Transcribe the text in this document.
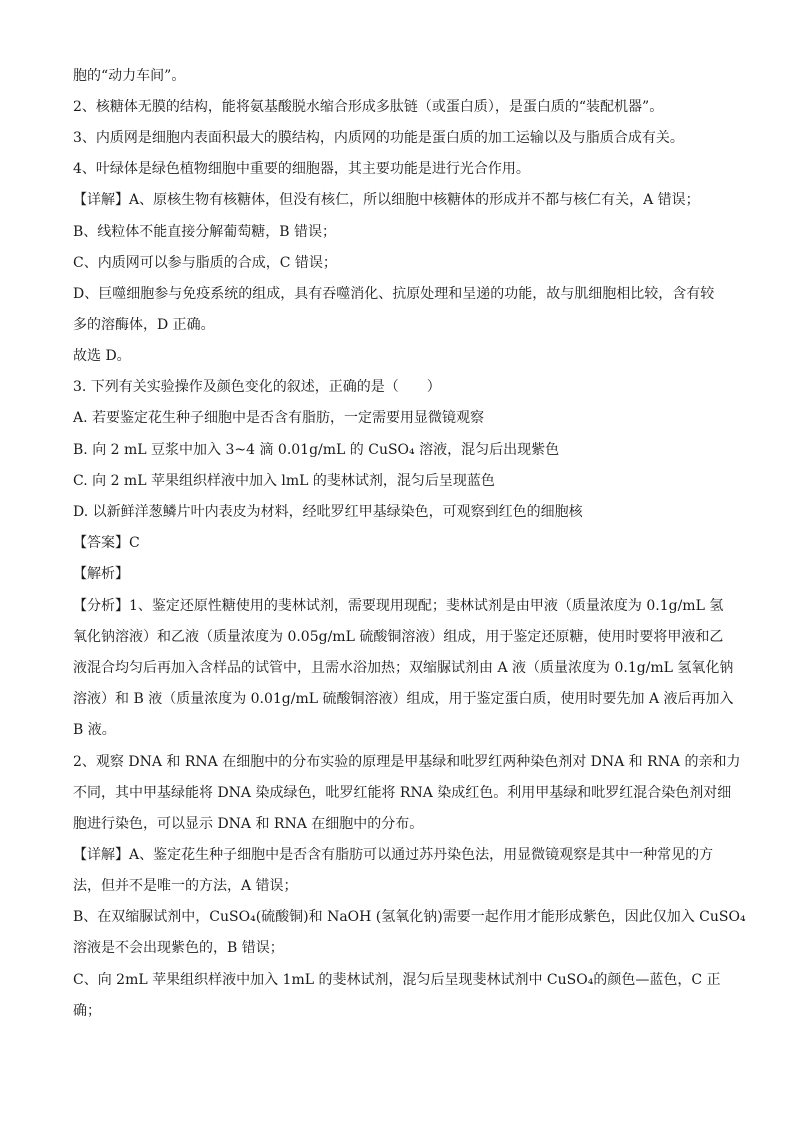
胞的“动力车间”。
2、核糖体无膜的结构，能将氨基酸脱水缩合形成多肽链（或蛋白质），是蛋白质的“装配机器”。
3、内质网是细胞内表面积最大的膜结构，内质网的功能是蛋白质的加工运输以及与脂质合成有关。
4、叶绿体是绿色植物细胞中重要的细胞器，其主要功能是进行光合作用。
【详解】A、原核生物有核糖体，但没有核仁，所以细胞中核糖体的形成并不都与核仁有关，A 错误；
B、线粒体不能直接分解葡萄糖，B 错误；
C、内质网可以参与脂质的合成，C 错误；
D、巨噬细胞参与免疫系统的组成，具有吞噬消化、抗原处理和呈递的功能，故与肌细胞相比较，含有较
多的溶酶体，D 正确。
故选 D。
3. 下列有关实验操作及颜色变化的叙述，正确的是（　　）
A. 若要鉴定花生种子细胞中是否含有脂肪，一定需要用显微镜观察
B. 向 2 mL 豆浆中加入 3~4 滴 0.01g/mL 的 CuSO₄ 溶液，混匀后出现紫色
C. 向 2 mL 苹果组织样液中加入 lmL 的斐林试剂，混匀后呈现蓝色
D. 以新鲜洋葱鳞片叶内表皮为材料，经吡罗红甲基绿染色，可观察到红色的细胞核
【答案】C
【解析】
【分析】1、鉴定还原性糖使用的斐林试剂，需要现用现配；斐林试剂是由甲液（质量浓度为 0.1g/mL 氢
氧化钠溶液）和乙液（质量浓度为 0.05g/mL 硫酸铜溶液）组成，用于鉴定还原糖，使用时要将甲液和乙
液混合均匀后再加入含样品的试管中，且需水浴加热；双缩脲试剂由 A 液（质量浓度为 0.1g/mL 氢氧化钠
溶液）和 B 液（质量浓度为 0.01g/mL 硫酸铜溶液）组成，用于鉴定蛋白质，使用时要先加 A 液后再加入
B 液。
2、观察 DNA 和 RNA 在细胞中的分布实验的原理是甲基绿和吡罗红两种染色剂对 DNA 和 RNA 的亲和力
不同，其中甲基绿能将 DNA 染成绿色，吡罗红能将 RNA 染成红色。利用甲基绿和吡罗红混合染色剂对细
胞进行染色，可以显示 DNA 和 RNA 在细胞中的分布。
【详解】A、鉴定花生种子细胞中是否含有脂肪可以通过苏丹染色法，用显微镜观察是其中一种常见的方
法，但并不是唯一的方法，A 错误；
B、在双缩脲试剂中，CuSO₄(硫酸铜)和 NaOH (氢氧化钠)需要一起作用才能形成紫色，因此仅加入 CuSO₄
溶液是不会出现紫色的，B 错误；
C、向 2mL 苹果组织样液中加入 1mL 的斐林试剂，混匀后呈现斐林试剂中 CuSO₄的颜色—蓝色，C 正
确；
